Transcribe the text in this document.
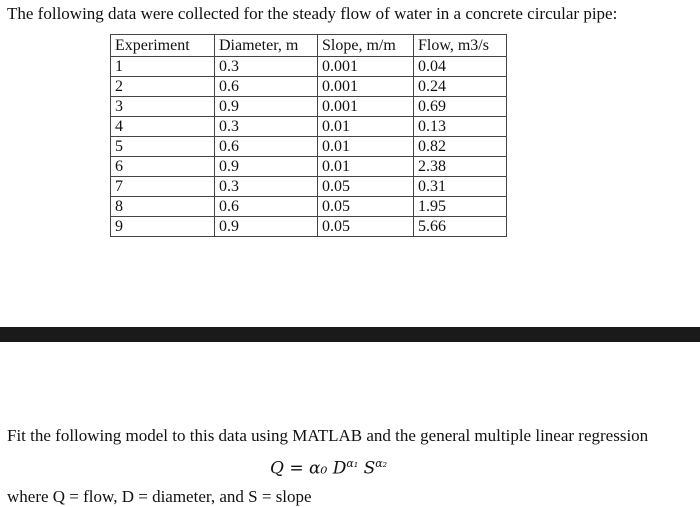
The following data were collected for the steady flow of water in a concrete circular pipe:
Experiment	Diameter, m	Slope, m/m	Flow, m3/s
1	0.3	0.001	0.04
2	0.6	0.001	0.24
3	0.9	0.001	0.69
4	0.3	0.01	0.13
5	0.6	0.01	0.82
6	0.9	0.01	2.38
7	0.3	0.05	0.31
8	0.6	0.05	1.95
9	0.9	0.05	5.66
Fit the following model to this data using MATLAB and the general multiple linear regression
Q = α₀ $D^{\alpha_1}$ $S^{\alpha_2}$
where Q = flow, D = diameter, and S = slope
